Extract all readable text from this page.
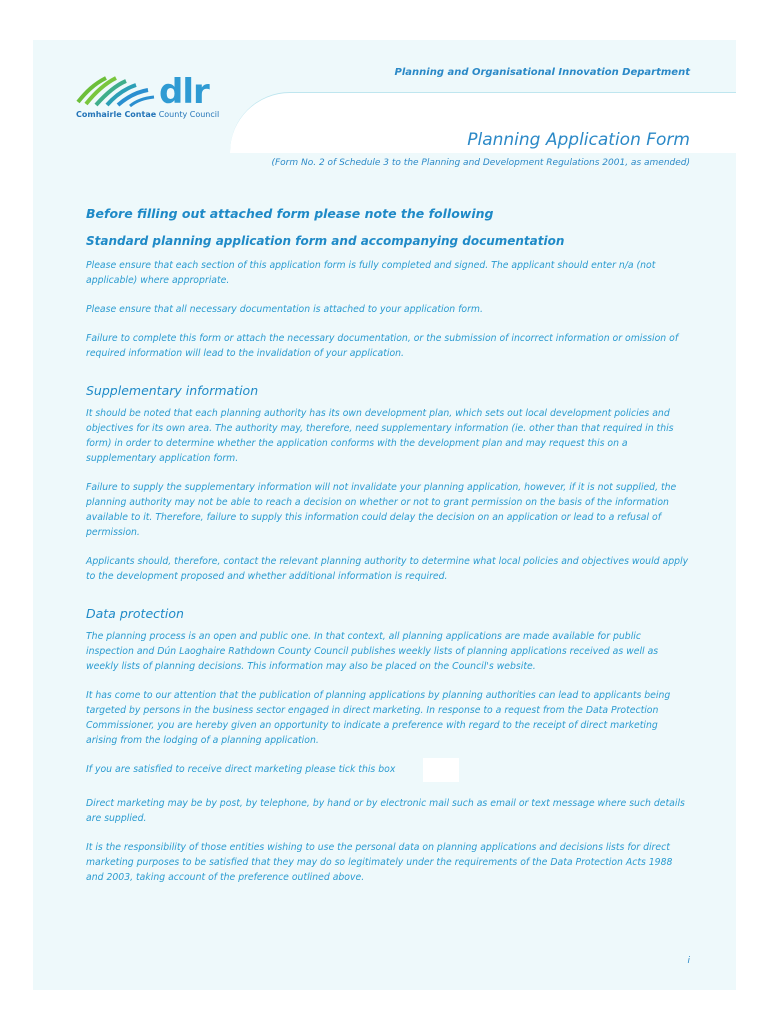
dlr
Comhairle Contae County Council
Planning and Organisational Innovation Department
Planning Application Form
(Form No. 2 of Schedule 3 to the Planning and Development Regulations 2001, as amended)
Before filling out attached form please note the following
Standard planning application form and accompanying documentation
Please ensure that each section of this application form is fully completed and signed. The applicant should enter n/a (not applicable) where appropriate.
Please ensure that all necessary documentation is attached to your application form.
Failure to complete this form or attach the necessary documentation, or the submission of incorrect information or omission of required information will lead to the invalidation of your application.
Supplementary information
It should be noted that each planning authority has its own development plan, which sets out local development policies and objectives for its own area. The authority may, therefore, need supplementary information (ie. other than that required in this form) in order to determine whether the application conforms with the development plan and may request this on a supplementary application form.
Failure to supply the supplementary information will not invalidate your planning application, however, if it is not supplied, the planning authority may not be able to reach a decision on whether or not to grant permission on the basis of the information available to it. Therefore, failure to supply this information could delay the decision on an application or lead to a refusal of permission.
Applicants should, therefore, contact the relevant planning authority to determine what local policies and objectives would apply to the development proposed and whether additional information is required.
Data protection
The planning process is an open and public one. In that context, all planning applications are made available for public inspection and Dún Laoghaire Rathdown County Council publishes weekly lists of planning applications received as well as weekly lists of planning decisions. This information may also be placed on the Council's website.
It has come to our attention that the publication of planning applications by planning authorities can lead to applicants being targeted by persons in the business sector engaged in direct marketing. In response to a request from the Data Protection Commissioner, you are hereby given an opportunity to indicate a preference with regard to the receipt of direct marketing arising from the lodging of a planning application.
If you are satisfied to receive direct marketing please tick this box
Direct marketing may be by post, by telephone, by hand or by electronic mail such as email or text message where such details are supplied.
It is the responsibility of those entities wishing to use the personal data on planning applications and decisions lists for direct marketing purposes to be satisfied that they may do so legitimately under the requirements of the Data Protection Acts 1988 and 2003, taking account of the preference outlined above.
i
